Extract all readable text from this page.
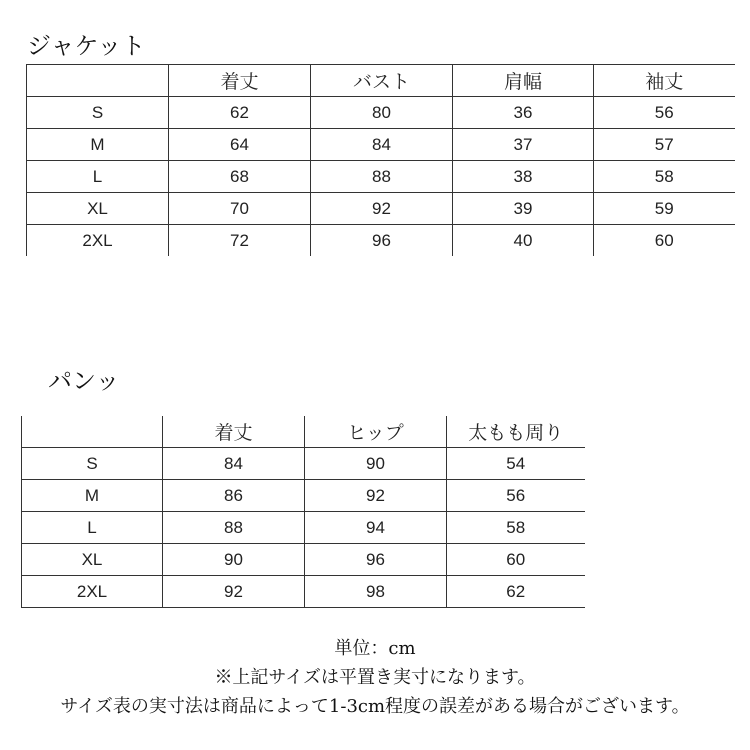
ジャケット
	着丈	バスト	肩幅	袖丈
S	62	80	36	56
M	64	84	37	57
L	68	88	38	58
XL	70	92	39	59
2XL	72	96	40	60
パンッ
	着丈	ヒップ	太もも周り
S	84	90	54
M	86	92	56
L	88	94	58
XL	90	96	60
2XL	92	98	62
単位：cm
※上記サイズは平置き実寸になります。
サイズ表の実寸法は商品によって1-3cm程度の誤差がある場合がございます。
